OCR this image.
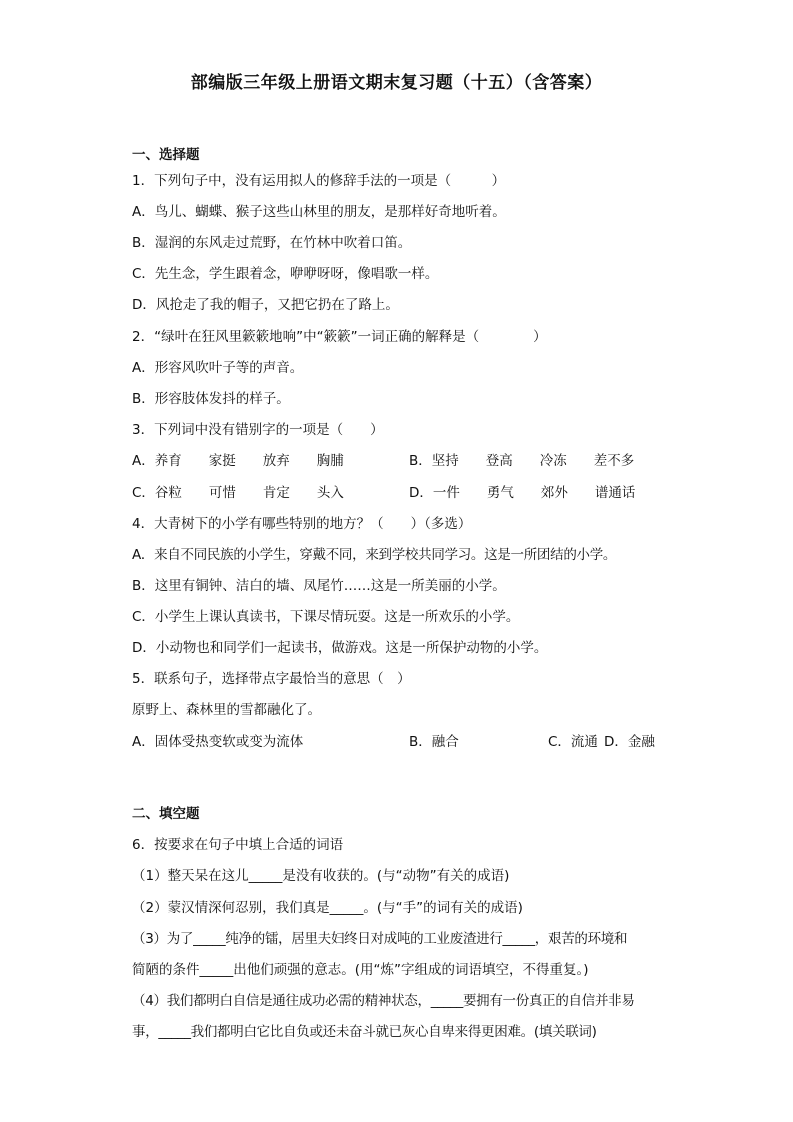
部编版三年级上册语文期末复习题（十五）（含答案）
一、选择题
1．下列句子中，没有运用拟人的修辞手法的一项是（　　　）
A．鸟儿、蝴蝶、猴子这些山林里的朋友，是那样好奇地听着。
B．湿润的东风走过荒野，在竹林中吹着口笛。
C．先生念，学生跟着念，咿咿呀呀，像唱歌一样。
D．风抢走了我的帽子，又把它扔在了路上。
2．“绿叶在狂风里簌簌地响”中“簌簌”一词正确的解释是（　　　　）
A．形容风吹叶子等的声音。
B．形容肢体发抖的样子。
3．下列词中没有错别字的一项是（　　）
A．养育　　家挺　　放弃　　胸脯	B．坚持　　登高　　冷冻　　差不多
C．谷粒　　可惜　　肯定　　头入	D．一件　　勇气　　郊外　　谱通话
4．大青树下的小学有哪些特别的地方？（　　）（多选）
A．来自不同民族的小学生，穿戴不同，来到学校共同学习。这是一所团结的小学。
B．这里有铜钟、洁白的墙、凤尾竹……这是一所美丽的小学。
C．小学生上课认真读书，下课尽情玩耍。这是一所欢乐的小学。
D．小动物也和同学们一起读书，做游戏。这是一所保护动物的小学。
5．联系句子，选择带点字最恰当的意思（　）
原野上、森林里的雪都融化了。
A．固体受热变软或变为流体	B．融合	C．流通 D．金融
二、填空题
6．按要求在句子中填上合适的词语
（1）整天呆在这儿_____是没有收获的。(与“动物”有关的成语)
（2）蒙汉情深何忍别，我们真是_____。(与“手”的词有关的成语)
（3）为了_____纯净的镭，居里夫妇终日对成吨的工业废渣进行_____，艰苦的环境和
简陋的条件_____出他们顽强的意志。(用“炼”字组成的词语填空，不得重复。)
（4）我们都明白自信是通往成功必需的精神状态，_____要拥有一份真正的自信并非易
事，_____我们都明白它比自负或还未奋斗就已灰心自卑来得更困难。(填关联词)
